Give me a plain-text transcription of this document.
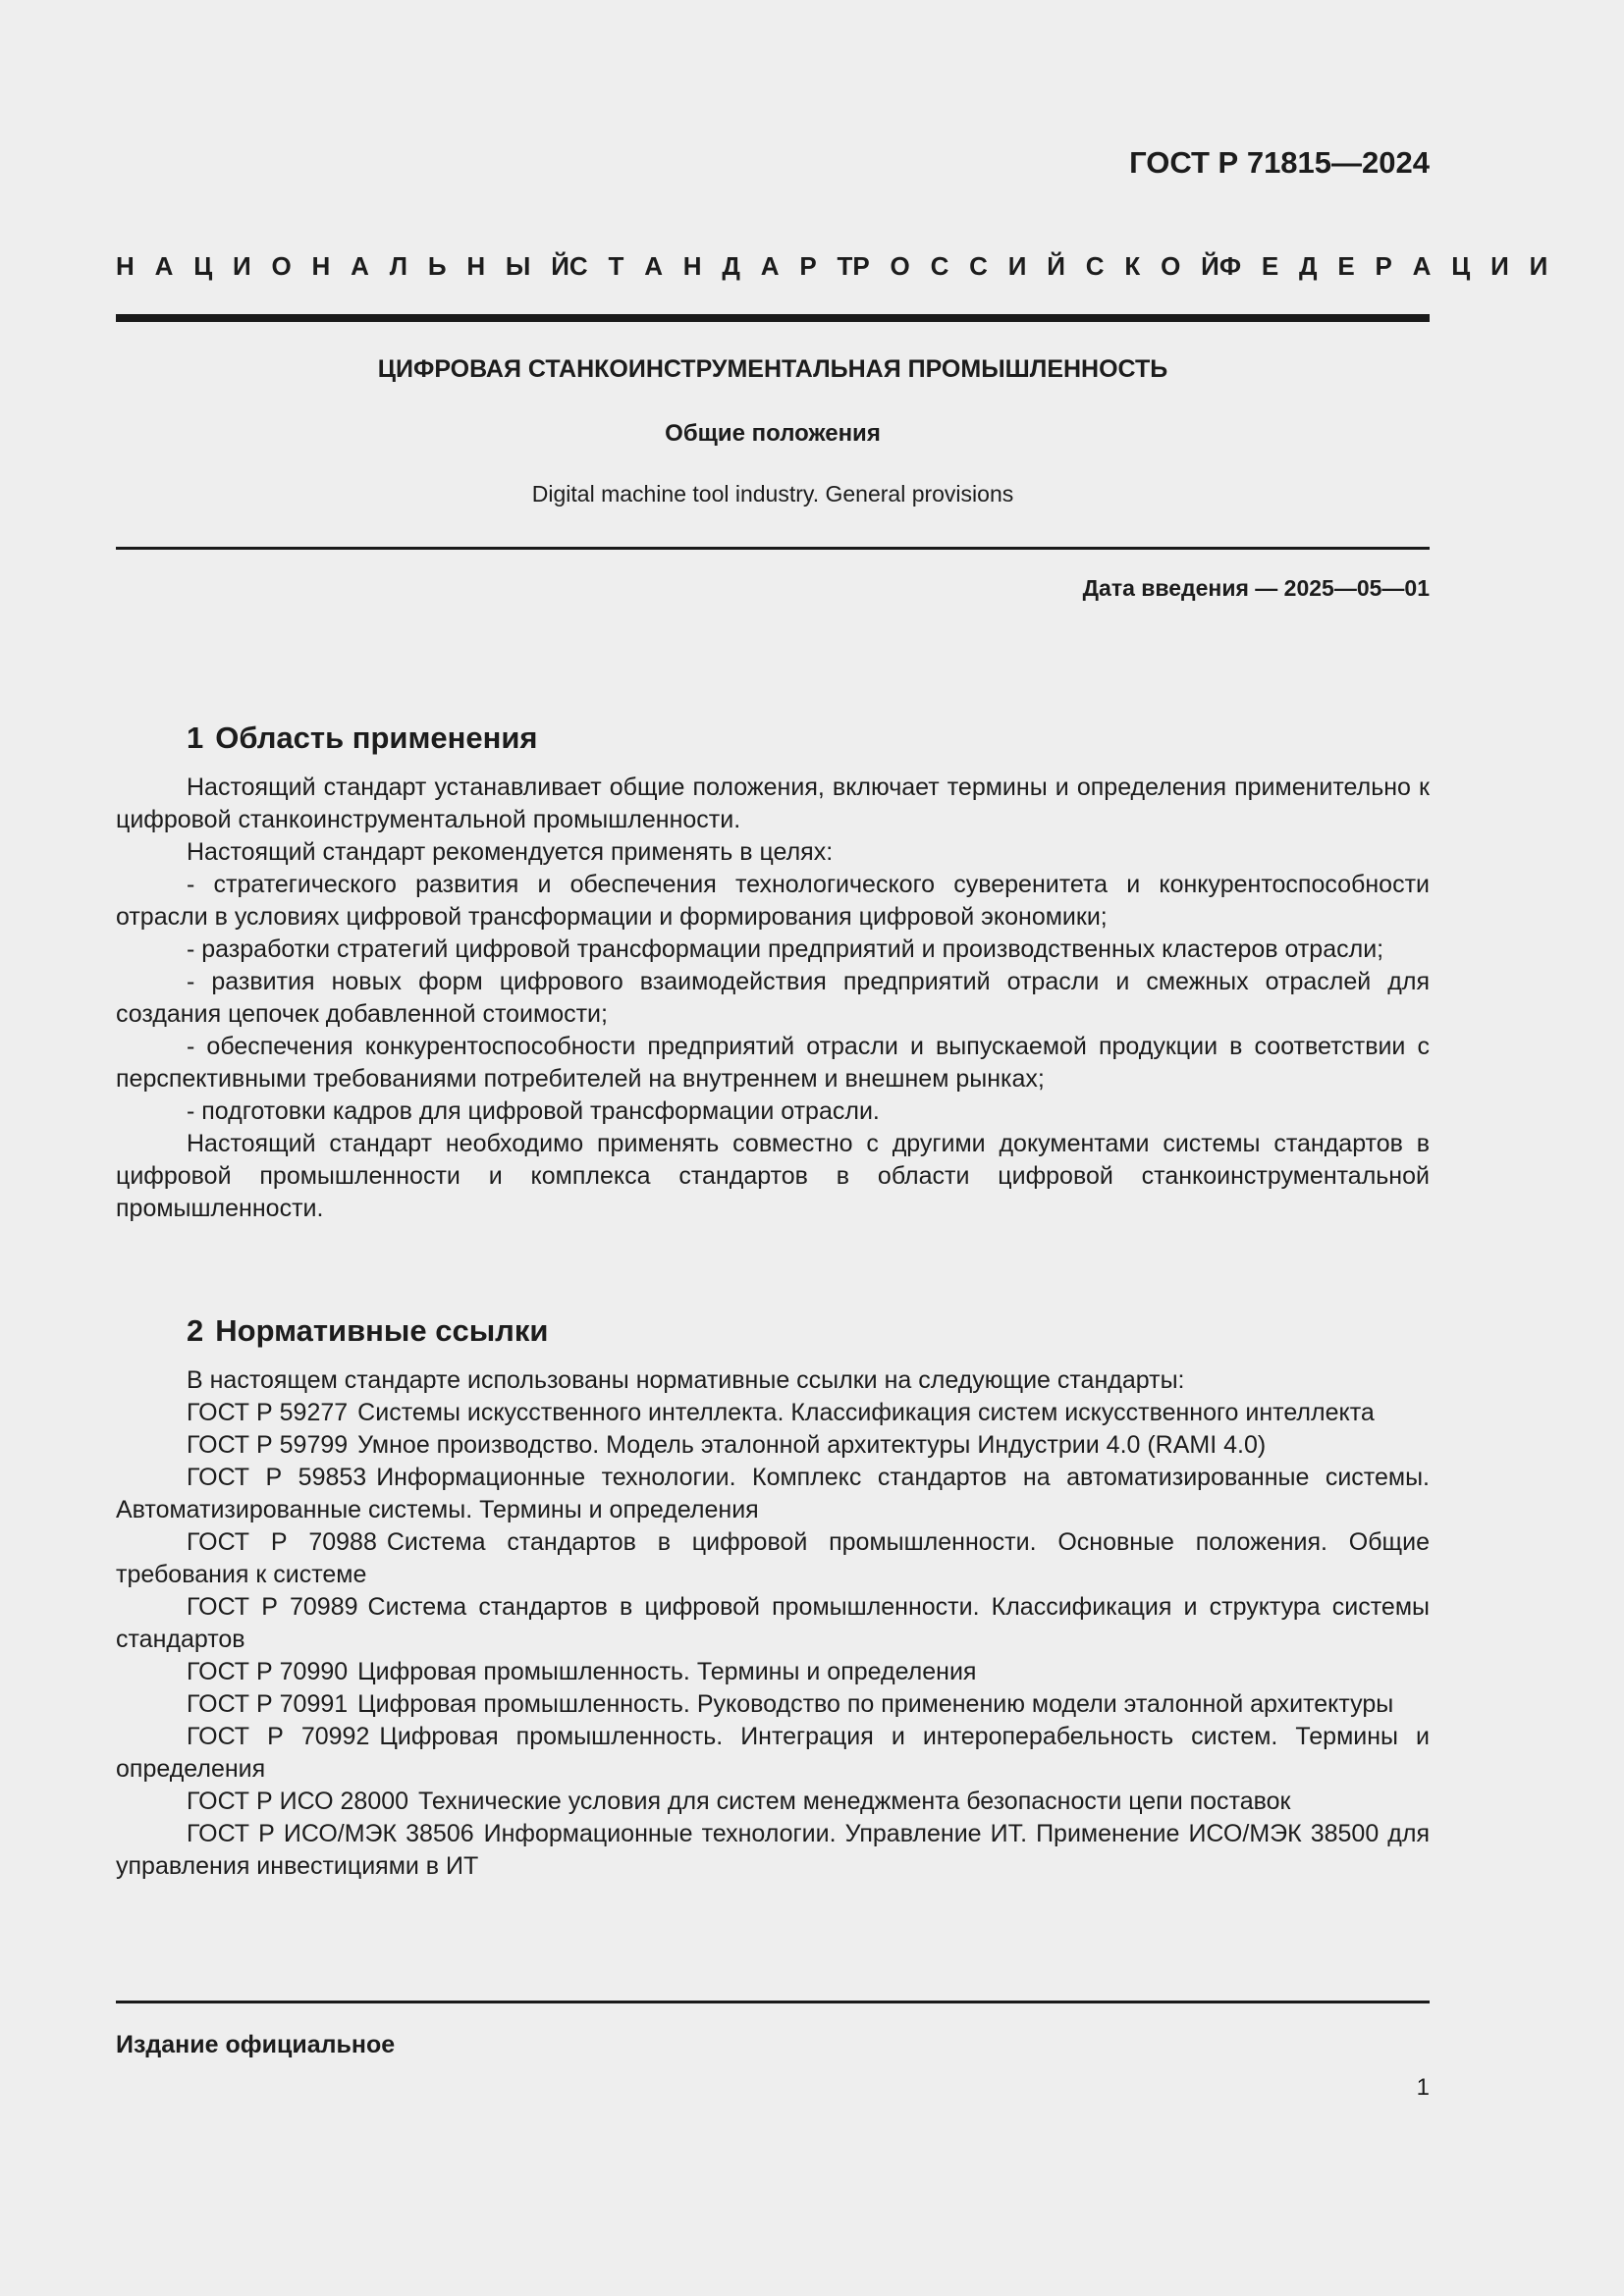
ГОСТ Р 71815—2024
Н    А    Ц    И    О    Н    А    Л    Ь    Н    Ы    Й С    Т    А    Н    Д    А    Р    Т Р    О    С    С    И    Й    С    К    О    Й Ф    Е    Д    Е    Р    А    Ц    И    И
ЦИФРОВАЯ СТАНКОИНСТРУМЕНТАЛЬНАЯ ПРОМЫШЛЕННОСТЬ
Общие положения
Digital machine tool industry. General provisions
Дата введения — 2025—05—01
1 Область применения

Настоящий стандарт устанавливает общие положения, включает термины и определения применительно к цифровой станкоинструментальной промышленности.

Настоящий стандарт рекомендуется применять в целях:

- стратегического развития и обеспечения технологического суверенитета и конкурентоспособности отрасли в условиях цифровой трансформации и формирования цифровой экономики;

- разработки стратегий цифровой трансформации предприятий и производственных кластеров отрасли;

- развития новых форм цифрового взаимодействия предприятий отрасли и смежных отраслей для создания цепочек добавленной стоимости;

- обеспечения конкурентоспособности предприятий отрасли и выпускаемой продукции в соответствии с перспективными требованиями потребителей на внутреннем и внешнем рынках;

- подготовки кадров для цифровой трансформации отрасли.

Настоящий стандарт необходимо применять совместно с другими документами системы стандартов в цифровой промышленности и комплекса стандартов в области цифровой станкоинструментальной промышленности.

2 Нормативные ссылки

В настоящем стандарте использованы нормативные ссылки на следующие стандарты:

ГОСТ Р 59277 Системы искусственного интеллекта. Классификация систем искусственного интеллекта

ГОСТ Р 59799 Умное производство. Модель эталонной архитектуры Индустрии 4.0 (RAMI 4.0)

ГОСТ Р 59853 Информационные технологии. Комплекс стандартов на автоматизированные системы. Автоматизированные системы. Термины и определения

ГОСТ Р 70988 Система стандартов в цифровой промышленности. Основные положения. Общие требования к системе

ГОСТ Р 70989 Система стандартов в цифровой промышленности. Классификация и структура системы стандартов

ГОСТ Р 70990 Цифровая промышленность. Термины и определения

ГОСТ Р 70991 Цифровая промышленность. Руководство по применению модели эталонной архитектуры

ГОСТ Р 70992 Цифровая промышленность. Интеграция и интероперабельность систем. Термины и определения

ГОСТ Р ИСО 28000 Технические условия для систем менеджмента безопасности цепи поставок

ГОСТ Р ИСО/МЭК 38506 Информационные технологии. Управление ИТ. Применение ИСО/МЭК 38500 для управления инвестициями в ИТ

Издание официальное
1
